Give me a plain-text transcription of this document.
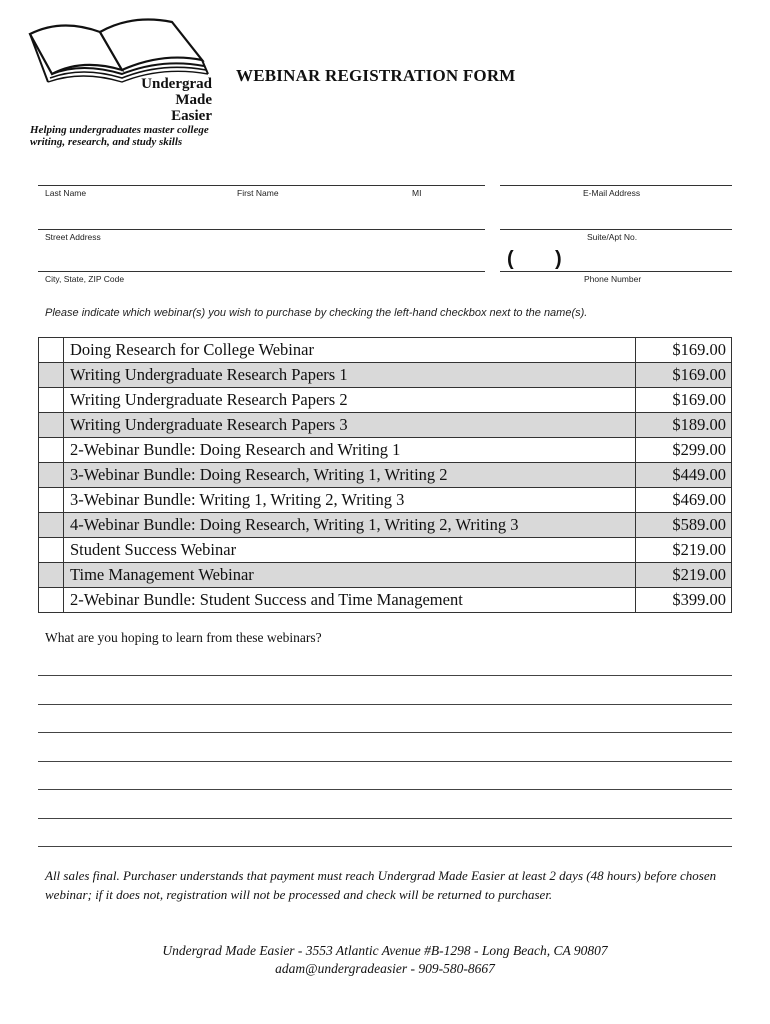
Undergrad
Made
Easier
Helping undergraduates master college
writing, research, and study skills
WEBINAR REGISTRATION FORM
Last Name	First Name	MI	E-Mail Address
Street Address	Suite/Apt No.
( )
City, State, ZIP Code	Phone Number
Please indicate which webinar(s) you wish to purchase by checking the left-hand checkbox next to the name(s).
	Doing Research for College Webinar	$169.00
	Writing Undergraduate Research Papers 1	$169.00
	Writing Undergraduate Research Papers 2	$169.00
	Writing Undergraduate Research Papers 3	$189.00
	2-Webinar Bundle: Doing Research and Writing 1	$299.00
	3-Webinar Bundle: Doing Research, Writing 1, Writing 2	$449.00
	3-Webinar Bundle: Writing 1, Writing 2, Writing 3	$469.00
	4-Webinar Bundle: Doing Research, Writing 1, Writing 2, Writing 3	$589.00
	Student Success Webinar	$219.00
	Time Management Webinar	$219.00
	2-Webinar Bundle: Student Success and Time Management	$399.00
What are you hoping to learn from these webinars?
All sales final. Purchaser understands that payment must reach Undergrad Made Easier at least 2 days (48 hours) before chosen webinar; if it does not, registration will not be processed and check will be returned to purchaser.
Undergrad Made Easier - 3553 Atlantic Avenue #B-1298 - Long Beach, CA 90807
adam@undergradeasier - 909-580-8667
